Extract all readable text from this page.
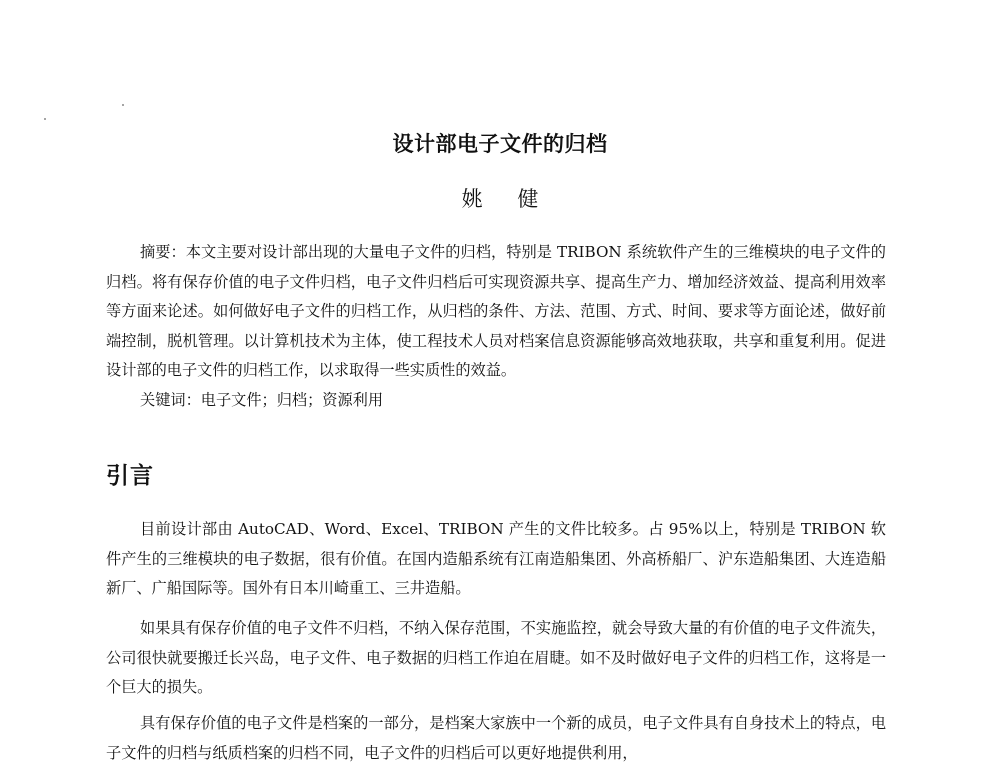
设计部电子文件的归档
姚 健

摘要：本文主要对设计部出现的大量电子文件的归档，特别是 TRIBON 系统软件产生的三维模块的电子文件的归档。将有保存价值的电子文件归档，电子文件归档后可实现资源共享、提高生产力、增加经济效益、提高利用效率等方面来论述。如何做好电子文件的归档工作，从归档的条件、方法、范围、方式、时间、要求等方面论述，做好前端控制，脱机管理。以计算机技术为主体，使工程技术人员对档案信息资源能够高效地获取，共享和重复利用。促进设计部的电子文件的归档工作，以求取得一些实质性的效益。

关键词：电子文件；归档；资源利用

引言

目前设计部由 AutoCAD、Word、Excel、TRIBON 产生的文件比较多。占 95%以上，特别是 TRIBON 软件产生的三维模块的电子数据，很有价值。在国内造船系统有江南造船集团、外高桥船厂、沪东造船集团、大连造船新厂、广船国际等。国外有日本川崎重工、三井造船。

如果具有保存价值的电子文件不归档，不纳入保存范围，不实施监控，就会导致大量的有价值的电子文件流失，公司很快就要搬迁长兴岛，电子文件、电子数据的归档工作迫在眉睫。如不及时做好电子文件的归档工作，这将是一个巨大的损失。

具有保存价值的电子文件是档案的一部分，是档案大家族中一个新的成员，电子文件具有自身技术上的特点，电子文件的归档与纸质档案的归档不同，电子文件的归档后可以更好地提供利用，
